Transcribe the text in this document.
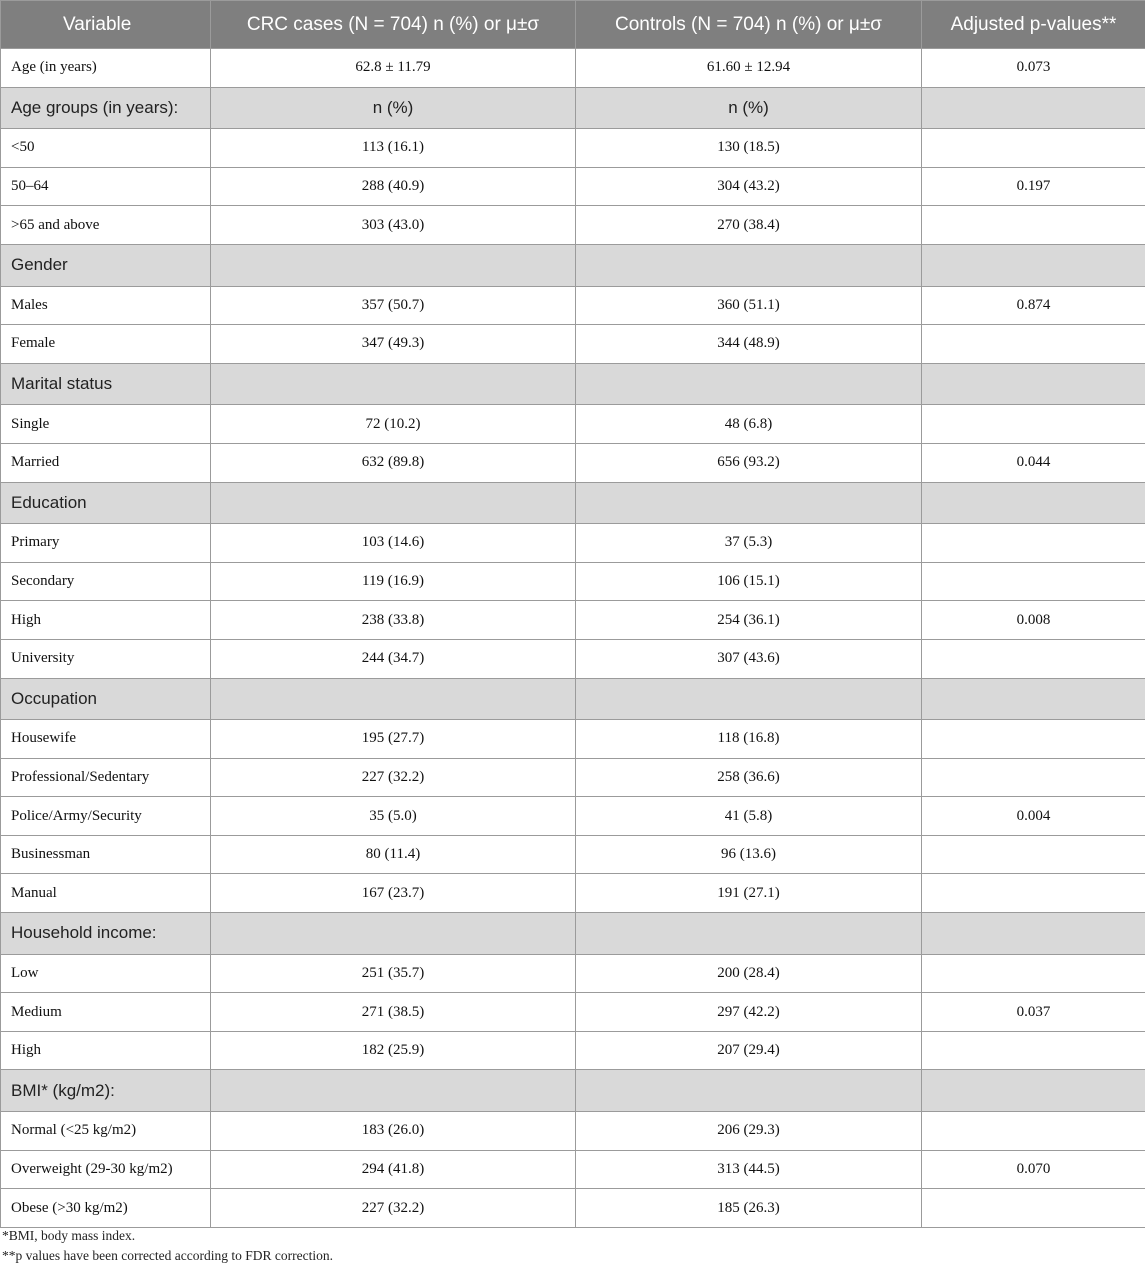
Variable	CRC cases (N = 704) n (%) or μ±σ	Controls (N = 704) n (%) or μ±σ	Adjusted p-values**
Age (in years)	62.8 ± 11.79	61.60 ± 12.94	0.073
Age groups (in years):	n (%)	n (%)	
<50	113 (16.1)	130 (18.5)	
50–64	288 (40.9)	304 (43.2)	0.197
>65 and above	303 (43.0)	270 (38.4)	
Gender			
Males	357 (50.7)	360 (51.1)	0.874
Female	347 (49.3)	344 (48.9)	
Marital status			
Single	72 (10.2)	48 (6.8)	
Married	632 (89.8)	656 (93.2)	0.044
Education			
Primary	103 (14.6)	37 (5.3)	
Secondary	119 (16.9)	106 (15.1)	
High	238 (33.8)	254 (36.1)	0.008
University	244 (34.7)	307 (43.6)	
Occupation			
Housewife	195 (27.7)	118 (16.8)	
Professional/Sedentary	227 (32.2)	258 (36.6)	
Police/Army/Security	35 (5.0)	41 (5.8)	0.004
Businessman	80 (11.4)	96 (13.6)	
Manual	167 (23.7)	191 (27.1)	
Household income:			
Low	251 (35.7)	200 (28.4)	
Medium	271 (38.5)	297 (42.2)	0.037
High	182 (25.9)	207 (29.4)	
BMI* (kg/m2):			
Normal (<25 kg/m2)	183 (26.0)	206 (29.3)	
Overweight (29-30 kg/m2)	294 (41.8)	313 (44.5)	0.070
Obese (>30 kg/m2)	227 (32.2)	185 (26.3)	
*BMI, body mass index.
**p values have been corrected according to FDR correction.
